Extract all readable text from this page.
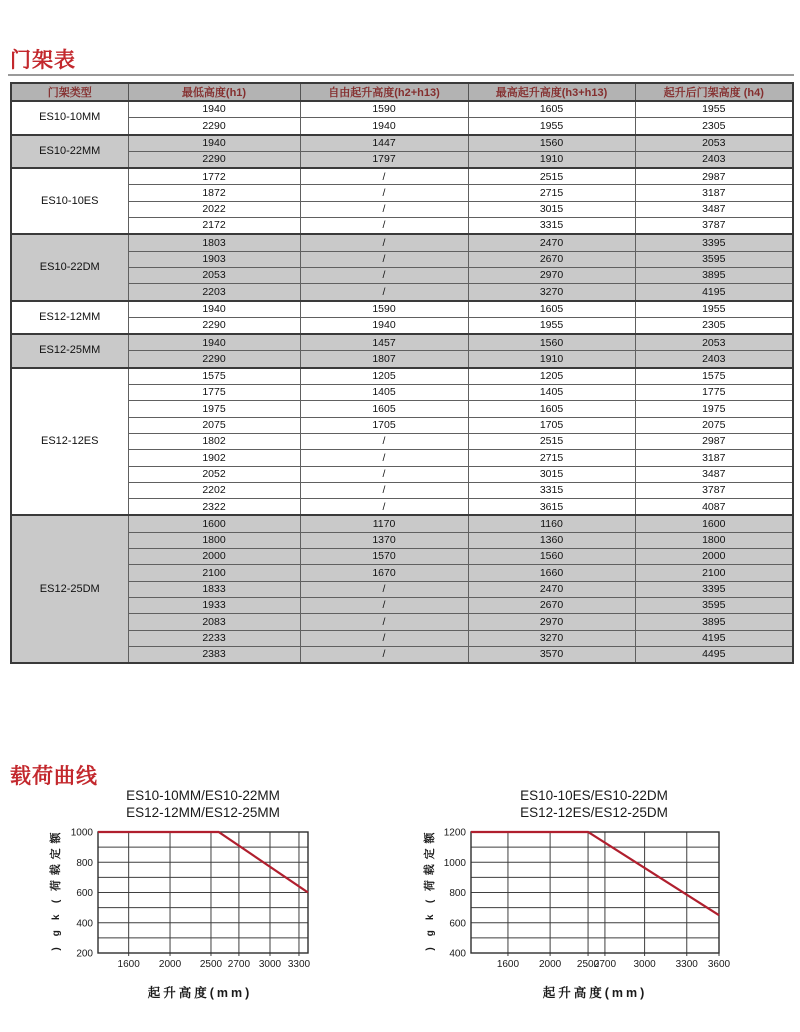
门架表
门架类型	最低高度(h1)	自由起升高度(h2+h13)	最高起升高度(h3+h13)	起升后门架高度 (h4)
ES10-10MM	1940	1590	1605	1955
	2290	1940	1955	2305
ES10-22MM	1940	1447	1560	2053
	2290	1797	1910	2403
ES10-10ES	1772	/	2515	2987
	1872	/	2715	3187
	2022	/	3015	3487
	2172	/	3315	3787
ES10-22DM	1803	/	2470	3395
	1903	/	2670	3595
	2053	/	2970	3895
	2203	/	3270	4195
ES12-12MM	1940	1590	1605	1955
	2290	1940	1955	2305
ES12-25MM	1940	1457	1560	2053
	2290	1807	1910	2403
ES12-12ES	1575	1205	1205	1575
	1775	1405	1405	1775
	1975	1605	1605	1975
	2075	1705	1705	2075
	1802	/	2515	2987
	1902	/	2715	3187
	2052	/	3015	3487
	2202	/	3315	3787
	2322	/	3615	4087
ES12-25DM	1600	1170	1160	1600
	1800	1370	1360	1800
	2000	1570	1560	2000
	2100	1670	1660	2100
	1833	/	2470	3395
	1933	/	2670	3595
	2083	/	2970	3895
	2233	/	3270	4195
	2383	/	3570	4495
载荷曲线
ES10-10MM/ES10-22MM
ES12-12MM/ES12-25MM
1000
800
600
400
200
1600 2000 2500 2700 3000 3300
额
定
载
荷
(
k
g
)
起升高度(mm)
ES10-10ES/ES10-22DM
ES12-12ES/ES12-25DM
1200
1000
800
600
400
1600 2000 2500
2700 3000 3300 3600
额
定
载
荷
(
k
g
)
起升高度(mm)
